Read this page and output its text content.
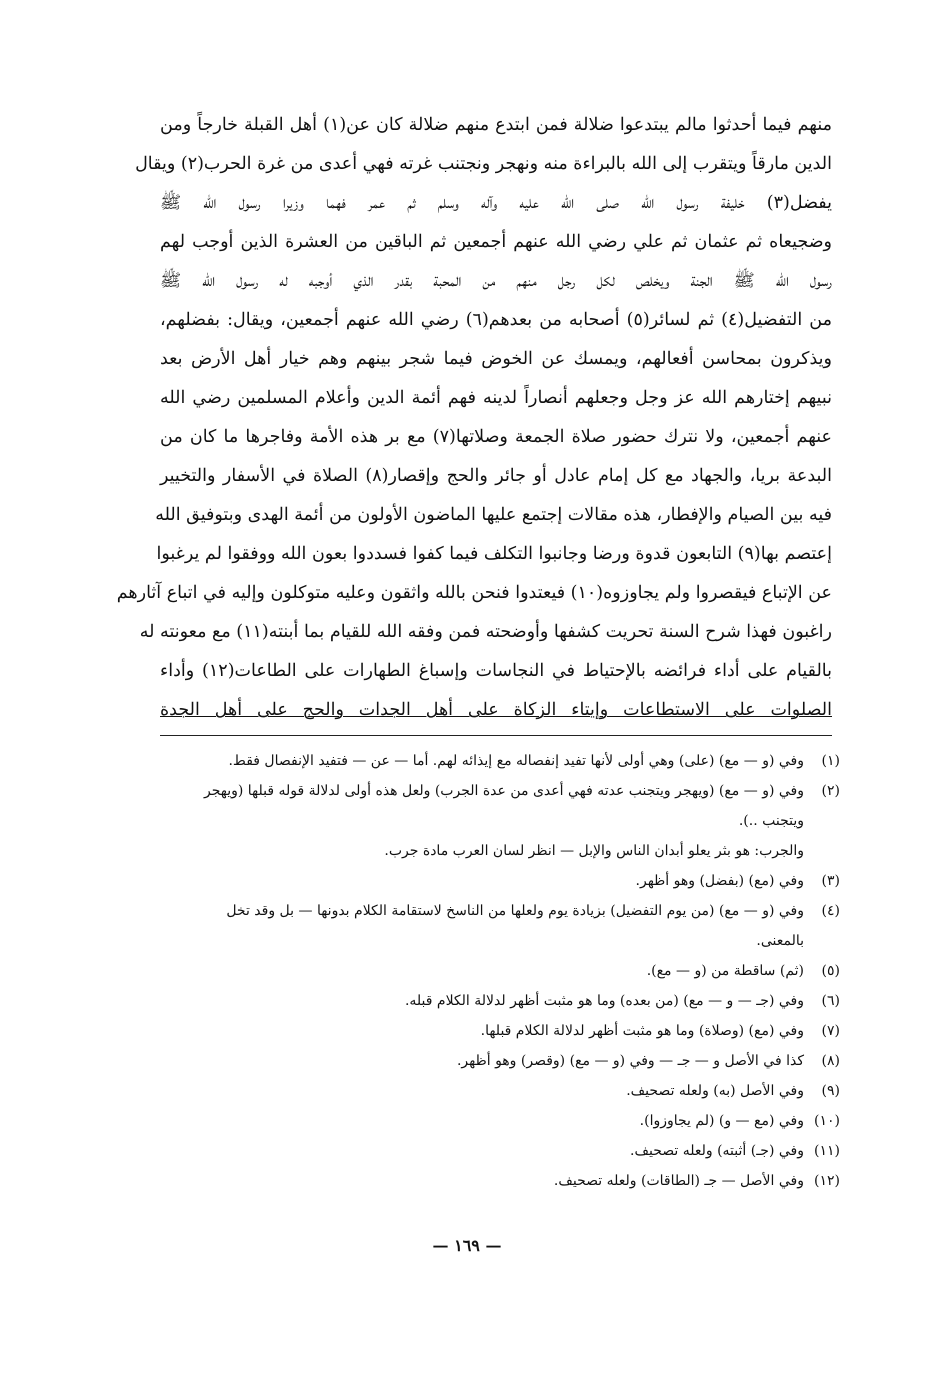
منهم فيما أحدثوا مالم يبتدعوا ضلالة فمن ابتدع منهم ضلالة كان عن(١) أهل القبلة خارجاً ومن
الدين مارقاً ويتقرب إلى الله بالبراءة منه ونهجر ونجتنب غرته فهي أعدى من غرة الحرب(٢) ويقال
يفضل(٣) خليفة رسول الله صلى الله عليه وآله وسلم ثم عمر فهما وزيرا رسول الله ﷺ
وضجيعاه ثم عثمان ثم علي رضي الله عنهم أجمعين ثم الباقين من العشرة الذين أوجب لهم
رسول الله ﷺ الجنة ويخلص لكل رجل منهم من المحبة بقدر الذي أوجبه له رسول الله ﷺ
من التفضيل(٤) ثم لسائر(٥) أصحابه من بعدهم(٦) رضي الله عنهم أجمعين، ويقال: بفضلهم،
ويذكرون بمحاسن أفعالهم، ويمسك عن الخوض فيما شجر بينهم وهم خيار أهل الأرض بعد
نبيهم إختارهم الله عز وجل وجعلهم أنصاراً لدينه فهم أئمة الدين وأعلام المسلمين رضي الله
عنهم أجمعين، ولا نترك حضور صلاة الجمعة وصلاتها(٧) مع بر هذه الأمة وفاجرها ما كان من
البدعة بريا، والجهاد مع كل إمام عادل أو جائر والحج وإقصار(٨) الصلاة في الأسفار والتخيير
فيه بين الصيام والإفطار، هذه مقالات إجتمع عليها الماضون الأولون من أئمة الهدى وبتوفيق الله
إعتصم بها(٩) التابعون قدوة ورضا وجانبوا التكلف فيما كفوا فسددوا بعون الله ووفقوا لم يرغبوا
عن الإتباع فيقصروا ولم يجاوزوه(١٠) فيعتدوا فنحن بالله واثقون وعليه متوكلون وإليه في اتباع آثارهم
راغبون فهذا شرح السنة تحريت كشفها وأوضحته فمن وفقه الله للقيام بما أبنته(١١) مع معونته له
بالقيام على أداء فرائضه بالإحتياط في النجاسات وإسباغ الطهارات على الطاعات(١٢) وأداء
الصلوات على الاستطاعات وإيتاء الزكاة على أهل الجدات والحج على أهل الجدة
(١)
وفي (و — مع) (على) وهي أولى لأنها تفيد إنفصاله مع إيذائه لهم. أما — عن — فتفيد الإنفصال فقط.
(٢)
وفي (و — مع) (ويهجر ويتجنب عدته فهي أعدى من عدة الجرب) ولعل هذه أولى لدلالة قوله قبلها (ويهجر
ويتجنب ..).
والجرب: هو بثر يعلو أبدان الناس والإبل — انظر لسان العرب مادة جرب.
(٣)
وفي (مع) (بفضل) وهو أظهر.
(٤)
وفي (و — مع) (من يوم التفضيل) بزيادة يوم ولعلها من الناسخ لاستقامة الكلام بدونها — بل وقد تخل
بالمعنى.
(٥)
(ثم) ساقطة من (و — مع).
(٦)
وفي (جـ — و — مع) (من بعده) وما هو مثبت أظهر لدلالة الكلام قبله.
(٧)
وفي (مع) (وصلاة) وما هو مثبت أظهر لدلالة الكلام قبلها.
(٨)
كذا في الأصل و — جـ — وفي (و — مع) (وقصر) وهو أظهر.
(٩)
وفي الأصل (به) ولعله تصحيف.
(١٠)
وفي (مع — و) (لم يجاوزوا).
(١١)
وفي (جـ) أثبته) ولعله تصحيف.
(١٢)
وفي الأصل — جـ (الطاقات) ولعله تصحيف.
— ١٦٩ —
